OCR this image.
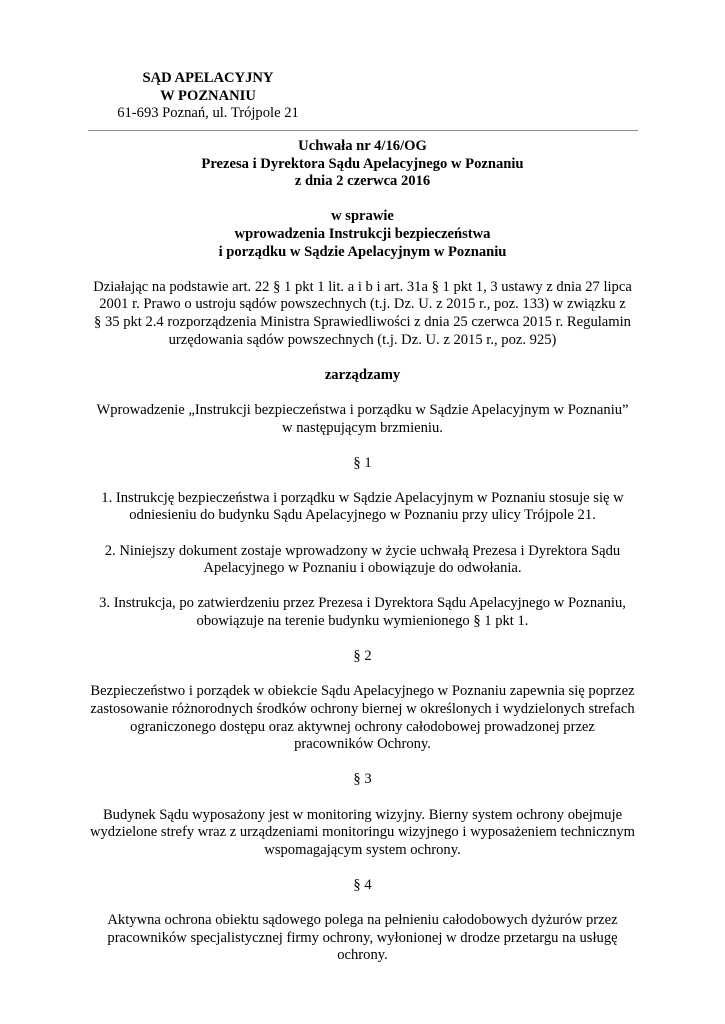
SĄD APELACYJNY
W POZNANIU
61-693 Poznań, ul. Trójpole 21

Uchwała nr 4/16/OG
Prezesa i Dyrektora Sądu Apelacyjnego w Poznaniu
z dnia 2 czerwca 2016

w sprawie
wprowadzenia Instrukcji bezpieczeństwa
i porządku w Sądzie Apelacyjnym w Poznaniu

Działając na podstawie art. 22 § 1 pkt 1 lit. a i b i art. 31a § 1 pkt 1, 3 ustawy z dnia 27 lipca
2001 r. Prawo o ustroju sądów powszechnych (t.j. Dz. U. z 2015 r., poz. 133) w związku z
§ 35 pkt 2.4 rozporządzenia Ministra Sprawiedliwości z dnia 25 czerwca 2015 r. Regulamin
urzędowania sądów powszechnych (t.j. Dz. U. z 2015 r., poz. 925)

zarządzamy

Wprowadzenie „Instrukcji bezpieczeństwa i porządku w Sądzie Apelacyjnym w Poznaniu”
w następującym brzmieniu.

§ 1

1. Instrukcję bezpieczeństwa i porządku w Sądzie Apelacyjnym w Poznaniu stosuje się w
odniesieniu do budynku Sądu Apelacyjnego w Poznaniu przy ulicy Trójpole 21.

2. Niniejszy dokument zostaje wprowadzony w życie uchwałą Prezesa i Dyrektora Sądu
Apelacyjnego w Poznaniu i obowiązuje do odwołania.

3. Instrukcja, po zatwierdzeniu przez Prezesa i Dyrektora Sądu Apelacyjnego w Poznaniu,
obowiązuje na terenie budynku wymienionego § 1 pkt 1.

§ 2

Bezpieczeństwo i porządek w obiekcie Sądu Apelacyjnego w Poznaniu zapewnia się poprzez
zastosowanie różnorodnych środków ochrony biernej w określonych i wydzielonych strefach
ograniczonego dostępu oraz aktywnej ochrony całodobowej prowadzonej przez
pracowników Ochrony.

§ 3

Budynek Sądu wyposażony jest w monitoring wizyjny. Bierny system ochrony obejmuje
wydzielone strefy wraz z urządzeniami monitoringu wizyjnego i wyposażeniem technicznym
wspomagającym system ochrony.

§ 4

Aktywna ochrona obiektu sądowego polega na pełnieniu całodobowych dyżurów przez
pracowników specjalistycznej firmy ochrony, wyłonionej w drodze przetargu na usługę
ochrony.
